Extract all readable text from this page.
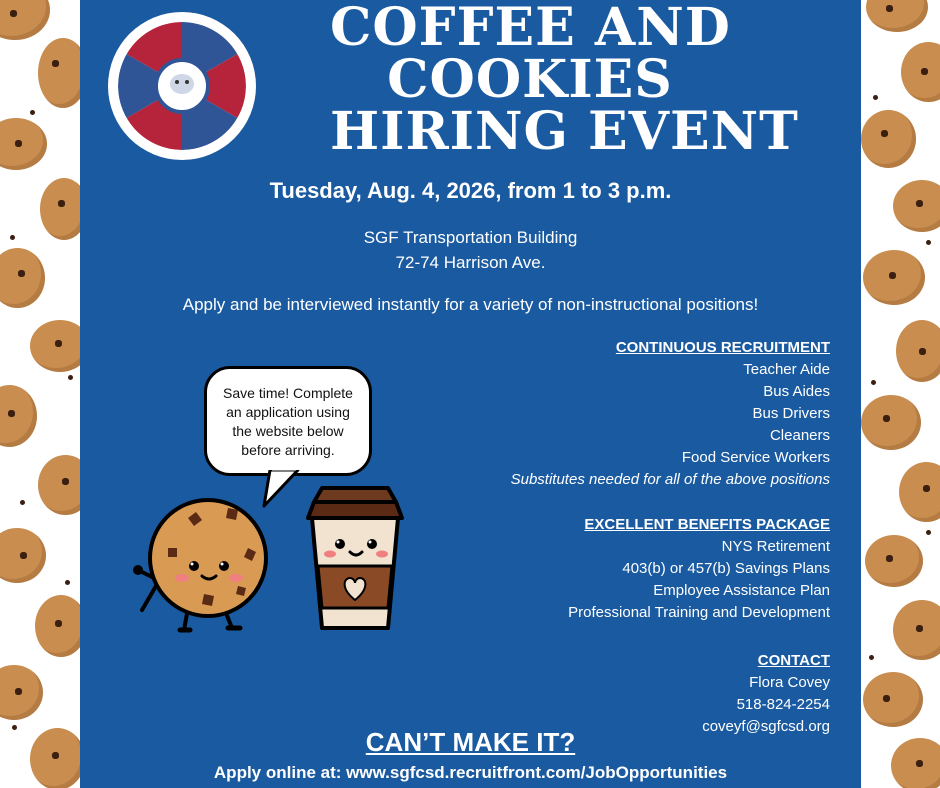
COFFEE AND
COOKIES
HIRING EVENT
Tuesday, Aug. 4, 2026, from 1 to 3 p.m.
SGF Transportation Building
72-74 Harrison Ave.
Apply and be interviewed instantly for a variety of non-instructional positions!
CONTINUOUS RECRUITMENT
Teacher Aide
Bus Aides
Bus Drivers
Cleaners
Food Service Workers
Substitutes needed for all of the above positions
EXCELLENT BENEFITS PACKAGE
NYS Retirement
403(b) or 457(b) Savings Plans
Employee Assistance Plan
Professional Training and Development
CONTACT
Flora Covey
518-824-2254
coveyf@sgfcsd.org
Save time! Complete
an application using
the website below
before arriving.
CAN’T MAKE IT?
Apply online at: www.sgfcsd.recruitfront.com/JobOpportunities
